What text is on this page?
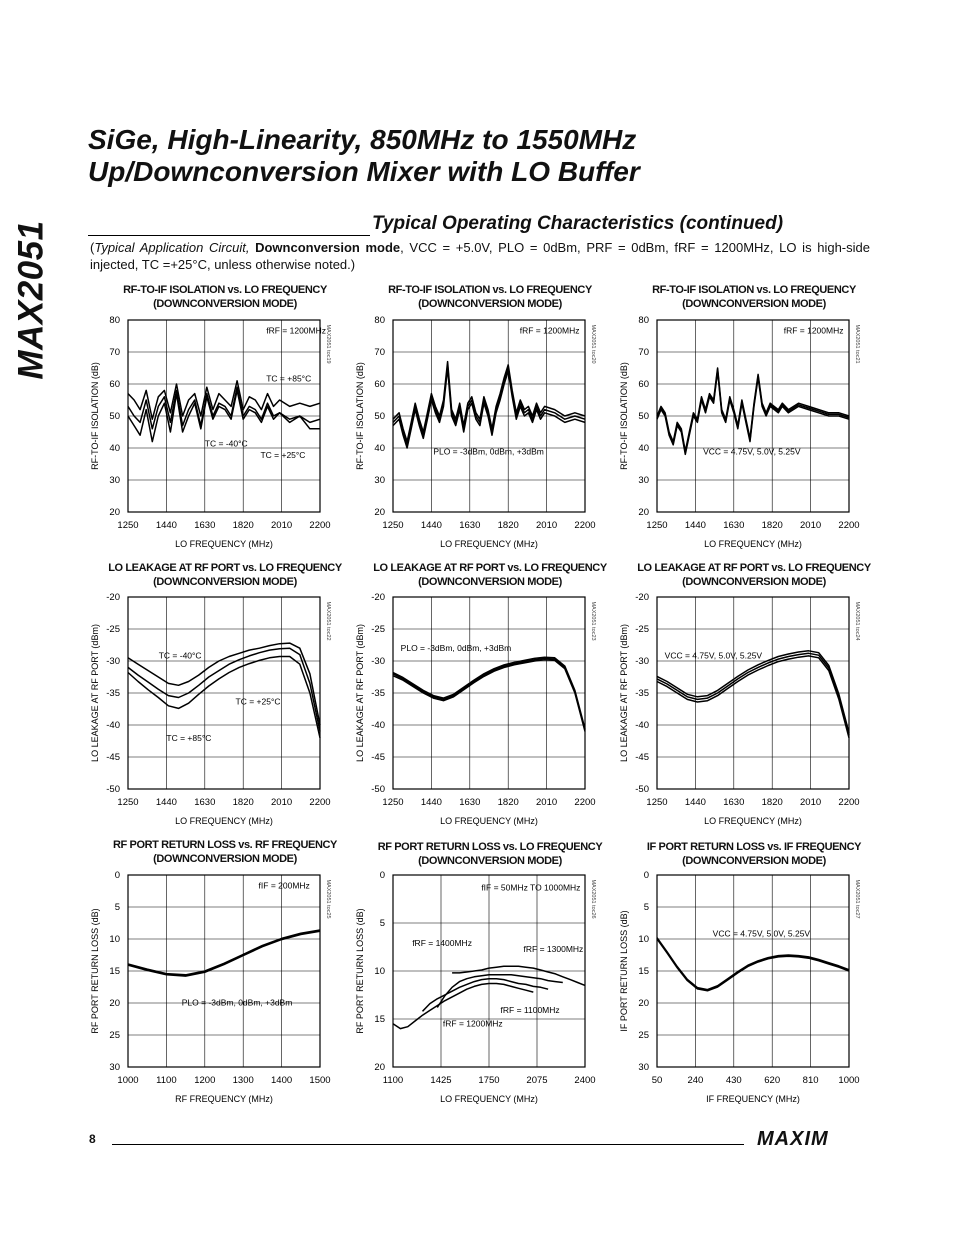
MAX2051
SiGe, High-Linearity, 850MHz to 1550MHz
Up/Downconversion Mixer with LO Buffer
Typical Operating Characteristics (continued)
(Typical Application Circuit, Downconversion mode, VCC = +5.0V, PLO = 0dBm, PRF = 0dBm, fRF = 1200MHz, LO is high-side injected, TC =+25°C, unless otherwise noted.)
RF-TO-IF ISOLATION vs. LO FREQUENCY
(DOWNCONVERSION MODE)
1250 1440 1630 1820 2010 2200
20
30
40
50
60
70
80
LO FREQUENCY (MHz)
RF-TO-IF ISOLATION (dB)
MAX2051 toc19
fRF = 1200MHz
TC = +85°C
TC = -40°C
TC = +25°C
RF-TO-IF ISOLATION vs. LO FREQUENCY
(DOWNCONVERSION MODE)
1250 1440 1630 1820 2010 2200
20
30
40
50
60
70
80
LO FREQUENCY (MHz)
RF-TO-IF ISOLATION (dB)
MAX2051 toc20
fRF = 1200MHz
PLO = -3dBm, 0dBm, +3dBm
RF-TO-IF ISOLATION vs. LO FREQUENCY
(DOWNCONVERSION MODE)
1250 1440 1630 1820 2010 2200
20
30
40
50
60
70
80
LO FREQUENCY (MHz)
RF-TO-IF ISOLATION (dB)
MAX2051 toc21
fRF = 1200MHz
VCC = 4.75V, 5.0V, 5.25V
LO LEAKAGE AT RF PORT vs. LO FREQUENCY
(DOWNCONVERSION MODE)
1250 1440 1630 1820 2010 2200
-50
-45
-40
-35
-30
-25
-20
LO FREQUENCY (MHz)
LO LEAKAGE AT RF PORT (dBm)
MAX2051 toc22
TC = -40°C
TC = +25°C
TC = +85°C
LO LEAKAGE AT RF PORT vs. LO FREQUENCY
(DOWNCONVERSION MODE)
1250 1440 1630 1820 2010 2200
-50
-45
-40
-35
-30
-25
-20
LO FREQUENCY (MHz)
LO LEAKAGE AT RF PORT (dBm)
MAX2051 toc23
PLO = -3dBm, 0dBm, +3dBm
LO LEAKAGE AT RF PORT vs. LO FREQUENCY
(DOWNCONVERSION MODE)
1250 1440 1630 1820 2010 2200
-50
-45
-40
-35
-30
-25
-20
LO FREQUENCY (MHz)
LO LEAKAGE AT RF PORT (dBm)
MAX2051 toc24
VCC = 4.75V, 5.0V, 5.25V
RF PORT RETURN LOSS vs. RF FREQUENCY
(DOWNCONVERSION MODE)
1000 1100 1200 1300 1400 1500
0
5
10
15
20
25
30
RF FREQUENCY (MHz)
RF PORT RETURN LOSS (dB)
MAX2051 toc25
fIF = 200MHz
PLO = -3dBm, 0dBm, +3dBm
RF PORT RETURN LOSS vs. LO FREQUENCY
(DOWNCONVERSION MODE)
1100	1425	1750	2075	2400
0
5
10
15
20
LO FREQUENCY (MHz)
RF PORT RETURN LOSS (dB)
MAX2051 toc26
fIF = 50MHz TO 1000MHz
fRF = 1400MHz
fRF = 1300MHz
fRF = 1100MHz
fRF = 1200MHz
IF PORT RETURN LOSS vs. IF FREQUENCY
(DOWNCONVERSION MODE)
50	240 430 620 810 1000
0
5
10
15
20
25
30
IF FREQUENCY (MHz)
IF PORT RETURN LOSS (dB)
MAX2051 toc27
VCC = 4.75V, 5.0V, 5.25V
8	MAXIM
